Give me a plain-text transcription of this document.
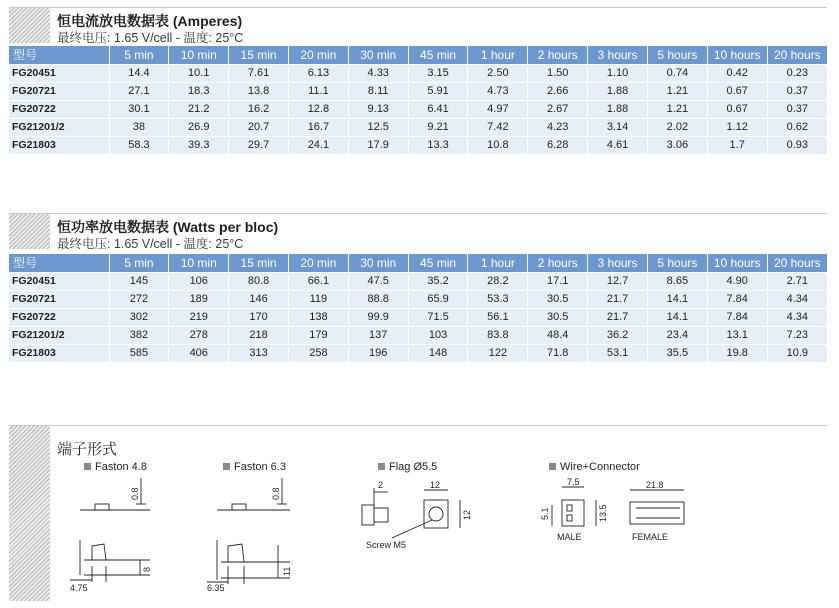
恒电流放电数据表 (Amperes)
最终电压: 1.65 V/cell - 温度: 25°C
型号	5 min	10 min	15 min	20 min	30 min	45 min	1 hour	2 hours	3 hours	5 hours	10 hours	20 hours
FG20451	14.4	10.1	7.61	6.13	4.33	3.15	2.50	1.50	1.10	0.74	0.42	0.23
FG20721	27.1	18.3	13.8	11.1	8.11	5.91	4.73	2.66	1.88	1.21	0.67	0.37
FG20722	30.1	21.2	16.2	12.8	9.13	6.41	4.97	2.67	1.88	1.21	0.67	0.37
FG21201/2	38	26.9	20.7	16.7	12.5	9.21	7.42	4.23	3.14	2.02	1.12	0.62
FG21803	58.3	39.3	29.7	24.1	17.9	13.3	10.8	6.28	4.61	3.06	1.7	0.93
恒功率放电数据表 (Watts per bloc)
最终电压: 1.65 V/cell - 温度: 25°C
型号	5 min	10 min	15 min	20 min	30 min	45 min	1 hour	2 hours	3 hours	5 hours	10 hours	20 hours
FG20451	145	106	80.8	66.1	47.5	35.2	28.2	17.1	12.7	8.65	4.90	2.71
FG20721	272	189	146	119	88.8	65.9	53.3	30.5	21.7	14.1	7.84	4.34
FG20722	302	219	170	138	99.9	71.5	56.1	30.5	21.7	14.1	7.84	4.34
FG21201/2	382	278	218	179	137	103	83.8	48.4	36.2	23.4	13.1	7.23
FG21803	585	406	313	258	196	148	122	71.8	53.1	35.5	19.8	10.9
端子形式
Faston 4.8	Faston 6.3	Flag Ø5.5	Wire+Connector
0.8
8
4.75
0.8
11
6.35
2	12
12
Screw M5
7.5
13.5
5.1
MALE
21.8
FEMALE
